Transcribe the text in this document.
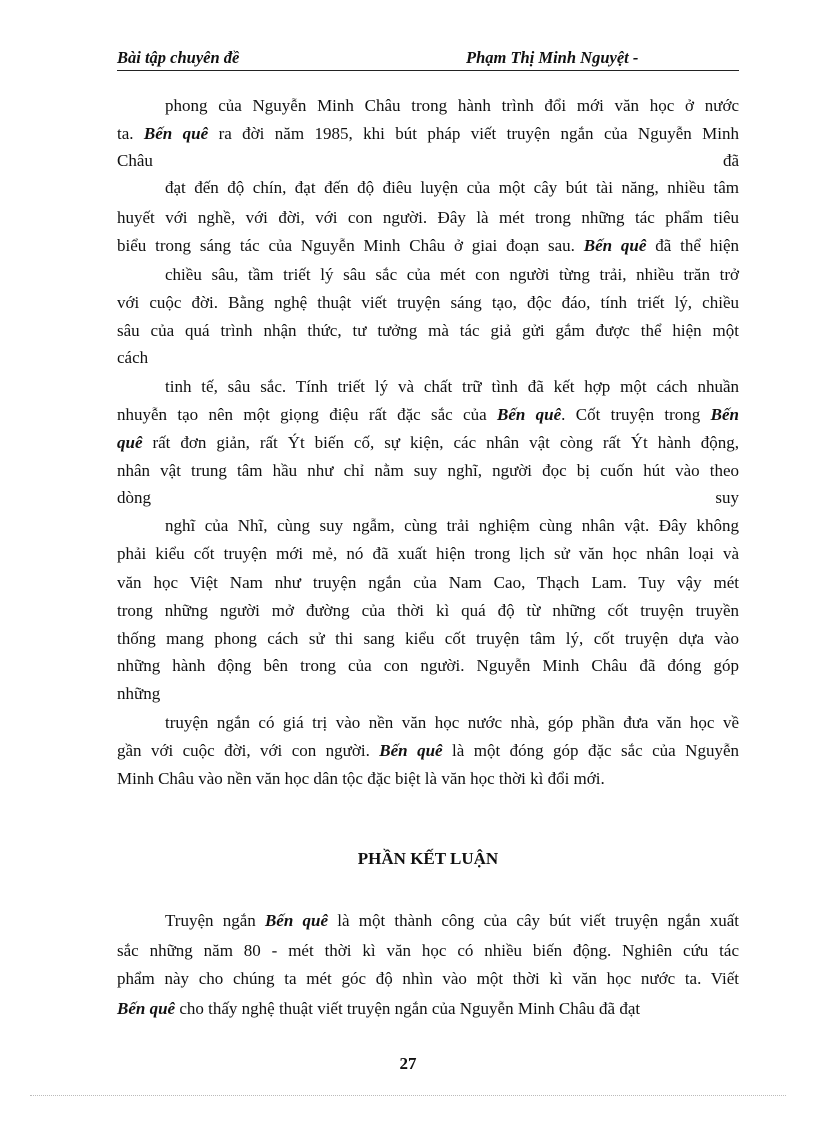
Bài tập chuyên đề	Phạm Thị Minh Nguyệt -
phong của Nguyễn Minh Châu trong hành trình đổi mới văn học ở nước
ta. Bến quê ra đời năm 1985, khi bút pháp viết truyện ngắn của Nguyễn Minh
Châu	đã
đạt đến độ chín, đạt đến độ điêu luyện của một cây bút tài năng, nhiều tâm
huyết với nghề, với đời, với con người. Đây là mét trong những tác phẩm tiêu
biểu trong sáng tác của Nguyễn Minh Châu ở giai đoạn sau. Bến quê đã thể hiện
chiều sâu, tầm triết lý sâu sắc của mét con người từng trải, nhiều trăn trở
với cuộc đời. Bằng nghệ thuật viết truyện sáng tạo, độc đáo, tính triết lý, chiều
sâu của quá trình nhận thức, tư tưởng mà tác giả gửi gắm được thể hiện một
cách
tinh tế, sâu sắc. Tính triết lý và chất trữ tình đã kết hợp một cách nhuần
nhuyễn tạo nên một giọng điệu rất đặc sắc của Bến quê. Cốt truyện trong Bến
quê rất đơn giản, rất Ýt biến cố, sự kiện, các nhân vật còng rất Ýt hành động,
nhân vật trung tâm hầu như chỉ nằm suy nghĩ, người đọc bị cuốn hút vào theo
dòng	suy
nghĩ của Nhĩ, cùng suy ngẫm, cùng trải nghiệm cùng nhân vật. Đây không
phải kiểu cốt truyện mới mẻ, nó đã xuất hiện trong lịch sử văn học nhân loại và
văn học Việt Nam như truyện ngắn của Nam Cao, Thạch Lam. Tuy vậy mét
trong những người mở đường của thời kì quá độ từ những cốt truyện truyền
thống mang phong cách sử thi sang kiểu cốt truyện tâm lý, cốt truyện dựa vào
những hành động bên trong của con người. Nguyễn Minh Châu đã đóng góp
những
truyện ngắn có giá trị vào nền văn học nước nhà, góp phần đưa văn học về
gần với cuộc đời, với con người. Bến quê là một đóng góp đặc sắc của Nguyễn
Minh Châu vào nền văn học dân tộc đặc biệt là văn học thời kì đổi mới.
Truyện ngắn Bến quê là một thành công của cây bút viết truyện ngắn xuất
sắc những năm 80 - mét thời kì văn học có nhiều biến động. Nghiên cứu tác
phẩm này cho chúng ta mét góc độ nhìn vào một thời kì văn học nước ta. Viết
Bến quê cho thấy nghệ thuật viết truyện ngắn của Nguyễn Minh Châu đã đạt
PHẦN KẾT LUẬN
27
